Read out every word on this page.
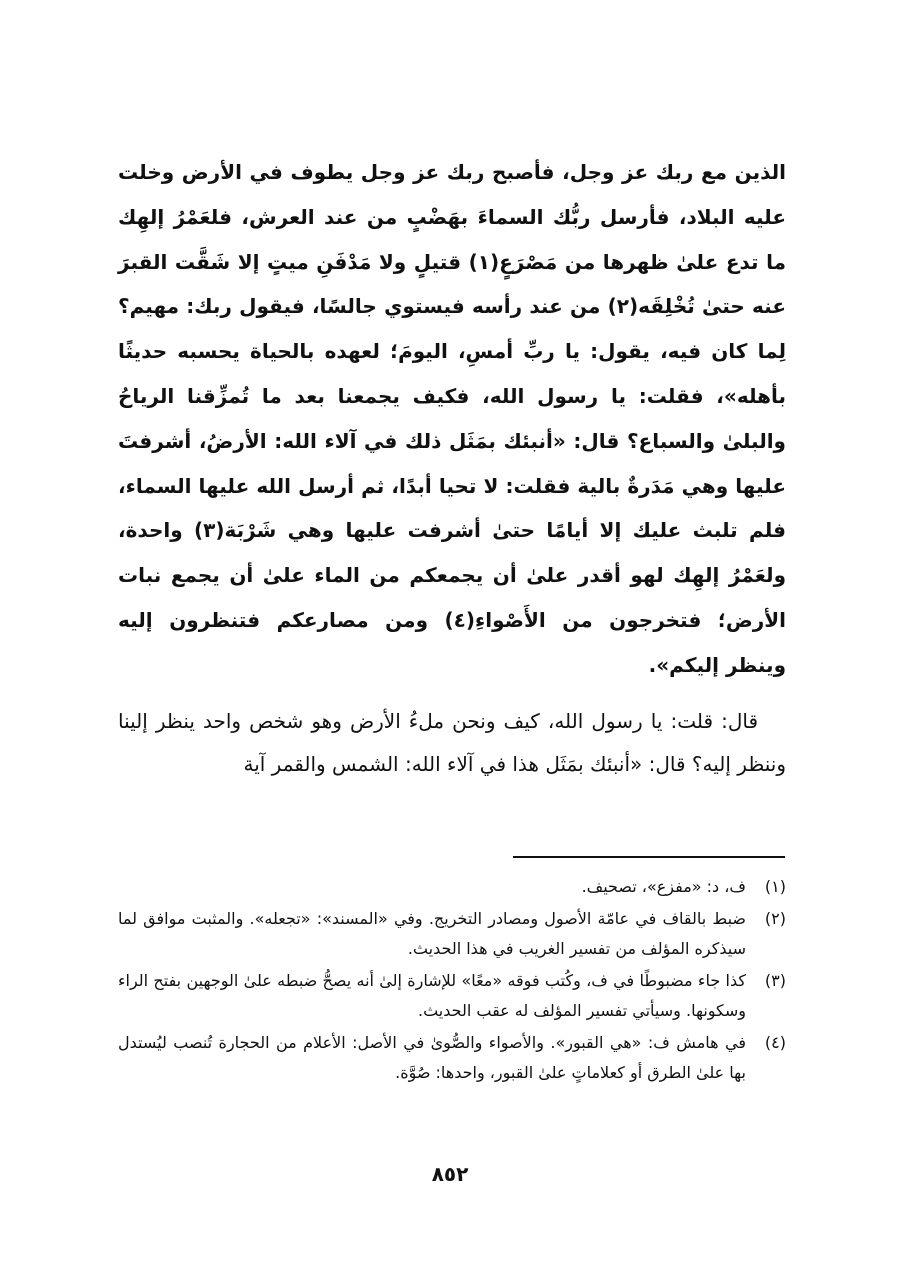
الذين مع ربك عز وجل، فأصبح ربك عز وجل يطوف في الأرض وخلت عليه البلاد، فأرسل ربُّك السماءَ بهَضْبٍ من عند العرش، فلعَمْرُ إلهِك ما تدع علىٰ ظهرها من مَصْرَعٍ(١) قتيلٍ ولا مَدْفَنِ ميتٍ إلا شَقَّت القبرَ عنه حتىٰ تُخْلِقَه(٢) من عند رأسه فيستوي جالسًا، فيقول ربك: مهيم؟ لِما كان فيه، يقول: يا ربِّ أمسِ، اليومَ؛ لعهده بالحياة يحسبه حديثًا بأهله»، فقلت: يا رسول الله، فكيف يجمعنا بعد ما تُمزِّقنا الرياحُ والبلىٰ والسباع؟ قال: «أنبئك بمَثَل ذلك في آلاء الله: الأرضُ، أشرفتَ عليها وهي مَدَرةٌ بالية فقلت: لا تحيا أبدًا، ثم أرسل الله عليها السماء، فلم تلبث عليك إلا أيامًا حتىٰ أشرفت عليها وهي شَرْبَة(٣) واحدة، ولعَمْرُ إلهِك لهو أقدر علىٰ أن يجمعكم من الماء علىٰ أن يجمع نبات الأرض؛ فتخرجون من الأَصْواءِ(٤) ومن مصارعكم فتنظرون إليه وينظر إليكم».

قال: قلت: يا رسول الله، كيف ونحن ملءُ الأرض وهو شخص واحد ينظر إلينا وننظر إليه؟ قال: «أنبئك بمَثَل هذا في آلاء الله: الشمس والقمر آية

(١)
ف، د: «مفزع»، تصحيف.
(٢)
ضبط بالقاف في عامّة الأصول ومصادر التخريج. وفي «المسند»: «تجعله». والمثبت موافق لما سيذكره المؤلف من تفسير الغريب في هذا الحديث.
(٣)
كذا جاء مضبوطًا في ف، وكُتب فوقه «معًا» للإشارة إلىٰ أنه يصحُّ ضبطه علىٰ الوجهين بفتح الراء وسكونها. وسيأتي تفسير المؤلف له عقب الحديث.
(٤)
في هامش ف: «هي القبور». والأصواء والصُّوىٰ في الأصل: الأعلام من الحجارة تُنصب ليُستدل بها علىٰ الطرق أو كعلاماتٍ علىٰ القبور، واحدها: صُوَّة.
٨٥٢
